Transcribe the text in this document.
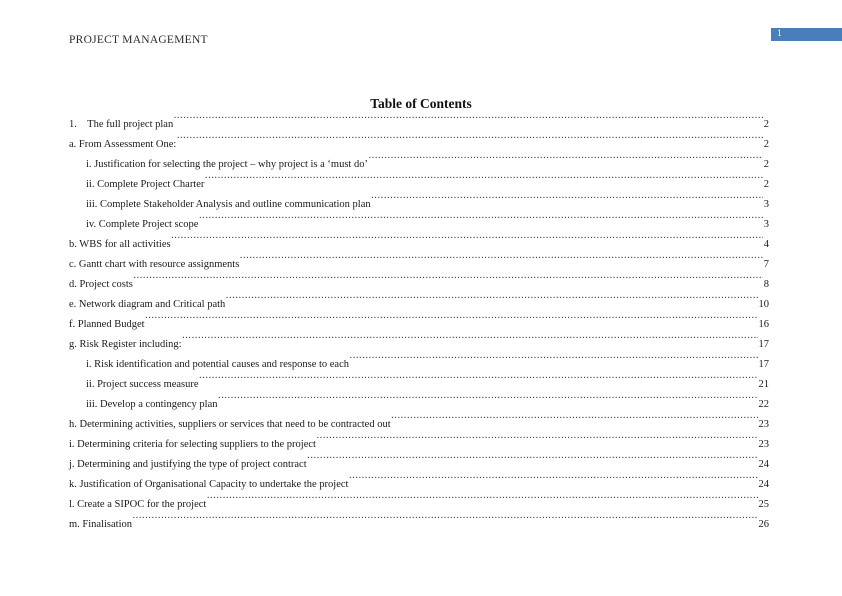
PROJECT MANAGEMENT	1
Table of Contents
1.    The full project plan .....	2
a. From Assessment One: .....	2
i. Justification for selecting the project – why project is a ‘must do’ .....	2
ii. Complete Project Charter .....	2
iii. Complete Stakeholder Analysis and outline communication plan .....	3
iv. Complete Project scope .....	3
b. WBS for all activities .....	4
c. Gantt chart with resource assignments .....	7
d. Project costs .....	8
e. Network diagram and Critical path .....	10
f. Planned Budget .....	16
g. Risk Register including: .....	17
i. Risk identification and potential causes and response to each .....	17
ii. Project success measure .....	21
iii. Develop a contingency plan .....	22
h. Determining activities, suppliers or services that need to be contracted out .....	23
i. Determining criteria for selecting suppliers to the project .....	23
j. Determining and justifying the type of project contract .....	24
k. Justification of Organisational Capacity to undertake the project .....	24
l. Create a SIPOC for the project .....	25
m. Finalisation .....	26
